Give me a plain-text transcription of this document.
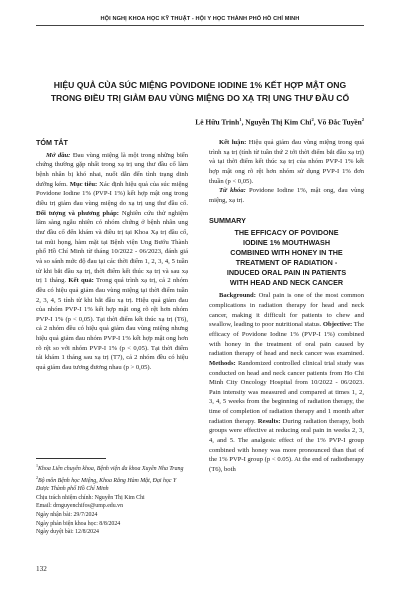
HỘI NGHỊ KHOA HỌC KỸ THUẬT - HỘI Y HỌC THÀNH PHỐ HỒ CHÍ MINH
HIỆU QUẢ CỦA SÚC MIỆNG POVIDONE IODINE 1% KẾT HỢP MẬT ONG
TRONG ĐIỀU TRỊ GIẢM ĐAU VÙNG MIỆNG DO XẠ TRỊ UNG THƯ ĐẦU CỔ
Lê Hữu Trinh$^1$, Nguyễn Thị Kim Chi$^2$, Võ Đắc Tuyền$^2$
TÓM TẮT

Mở đầu: Đau vùng miệng là một trong những biến chứng thường gặp nhất trong xạ trị ung thư đầu cổ làm bệnh nhân bị khó nhai, nuốt dẫn đến tình trạng dinh dưỡng kém. Mục tiêu: Xác định hiệu quả của súc miệng Povidone Iodine 1% (PVP-I 1%) kết hợp mật ong trong điều trị giảm đau vùng miệng do xạ trị ung thư đầu cổ. Đối tượng và phương pháp: Nghiên cứu thử nghiệm lâm sàng ngẫu nhiên có nhóm chứng ở bệnh nhân ung thư đầu cổ đến khám và điều trị tại Khoa Xạ trị đầu cổ, tai mũi họng, hàm mặt tại Bệnh viện Ung Bướu Thành phố Hồ Chí Minh từ tháng 10/2022 - 06/2023, đánh giá và so sánh mức độ đau tại các thời điểm 1, 2, 3, 4, 5 tuần từ khi bắt đầu xạ trị, thời điểm kết thúc xạ trị và sau xạ trị 1 tháng. Kết quả: Trong quá trình xạ trị, cả 2 nhóm đều có hiệu quả giảm đau vùng miệng tại thời điểm tuần 2, 3, 4, 5 tính từ khi bắt đầu xạ trị. Hiệu quả giảm đau của nhóm PVP-I 1% kết hợp mật ong rõ rệt hơn nhóm PVP-I 1% (p < 0,05). Tại thời điểm kết thúc xạ trị (T6), cả 2 nhóm đều có hiệu quả giảm đau vùng miệng nhưng hiệu quả giảm đau nhóm PVP-I 1% kết hợp mật ong hơn rõ rệt so với nhóm PVP-I 1% (p < 0,05). Tại thời điểm tái khám 1 tháng sau xạ trị (T7), cả 2 nhóm đều có hiệu quả giảm đau tương đương nhau (p > 0,05).

Kết luận: Hiệu quả giảm đau vùng miệng trong quá trình xạ trị (tính từ tuần thứ 2 tới thời điểm bắt đầu xạ trị) và tại thời điểm kết thúc xạ trị của nhóm PVP-I 1% kết hợp mật ong rõ rệt hơn nhóm sử dụng PVP-I 1% đơn thuần (p < 0,05).

Từ khóa: Povidone Iodine 1%, mật ong, đau vùng miệng, xạ trị.

SUMMARY
THE EFFICACY OF POVIDONE
IODINE 1% MOUTHWASH
COMBINED WITH HONEY IN THE
TREATMENT OF RADIATION -
INDUCED ORAL PAIN IN PATIENTS
WITH HEAD AND NECK CANCER

Background: Oral pain is one of the most common complications in radiation therapy for head and neck cancer, making it difficult for patients to chew and swallow, leading to poor nutritional status. Objective: The efficacy of Povidone Iodine 1% (PVP-I 1%) combined with honey in the treatment of oral pain caused by radiation therapy of head and neck cancer was examined. Methods: Randomized controlled clinical trial study was conducted on head and neck cancer patients from Ho Chi Minh City Oncology Hospital from 10/2022 - 06/2023. Pain intensity was measured and compared at times 1, 2, 3, 4, 5 weeks from the beginning of radiation therapy, the time of completion of radiation therapy and 1 month after radiation therapy. Results: During radiation therapy, both groups were effective at reducing oral pain in weeks 2, 3, 4, and 5. The analgesic effect of the 1% PVP-I group combined with honey was more pronounced than that of the 1% PVP-I group (p < 0.05). At the end of radiotherapy (T6), both

$^1$Khoa Liên chuyên khoa, Bệnh viện đa khoa Xuyên Nha Trang

$^2$Bộ môn Bệnh học Miệng, Khoa Răng Hàm Mặt, Đại học Y Dược Thành phố Hồ Chí Minh

Chịu trách nhiệm chính: Nguyễn Thị Kim Chi

Email: drnguyenchifos@ump.edu.vn

Ngày nhận bài: 29/7/2024

Ngày phản biện khoa học: 8/8/2024

Ngày duyệt bài: 12/8/2024

132
